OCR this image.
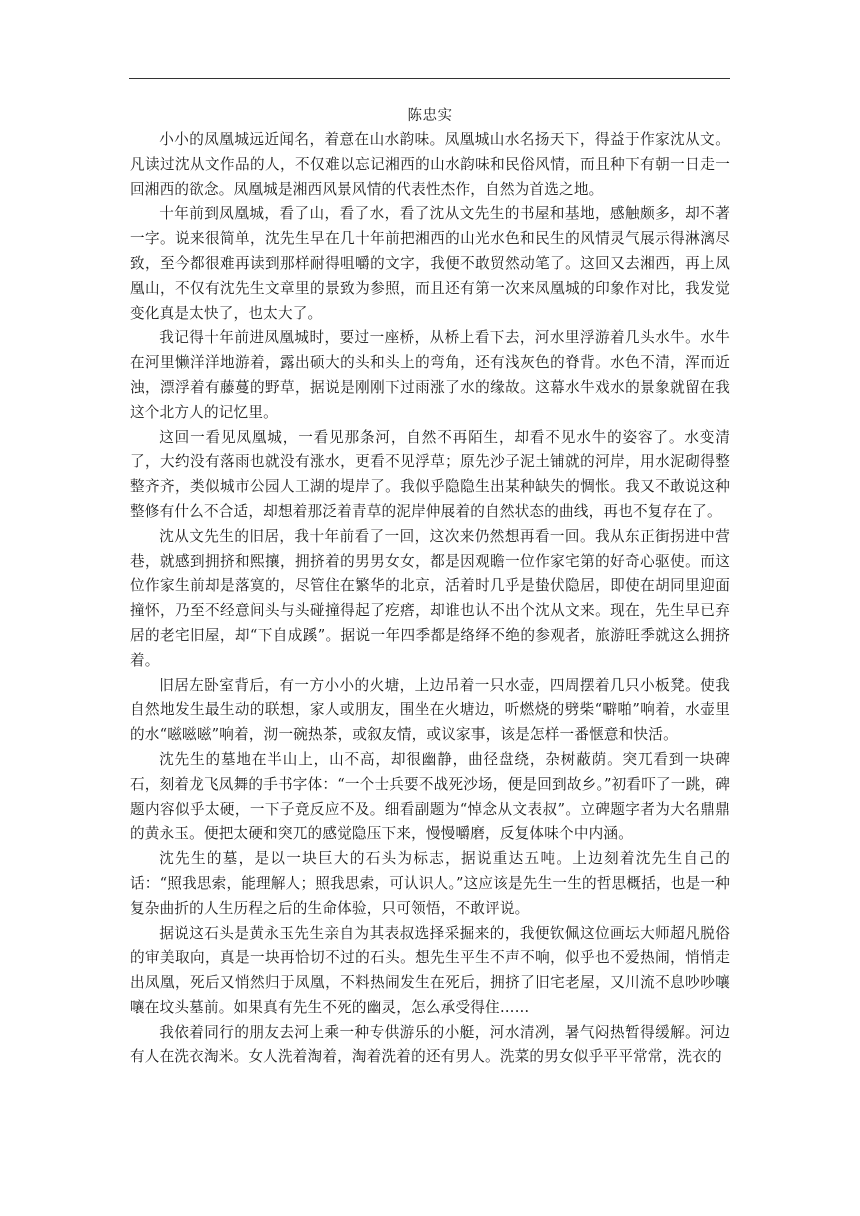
陈忠实

小小的凤凰城远近闻名，着意在山水韵味。凤凰城山水名扬天下，得益于作家沈从文。凡读过沈从文作品的人，不仅难以忘记湘西的山水韵味和民俗风情，而且种下有朝一日走一回湘西的欲念。凤凰城是湘西风景风情的代表性杰作，自然为首选之地。

十年前到凤凰城，看了山，看了水，看了沈从文先生的书屋和基地，感触颇多，却不著一字。说来很简单，沈先生早在几十年前把湘西的山光水色和民生的风情灵气展示得淋漓尽致，至今都很难再读到那样耐得咀嚼的文字，我便不敢贸然动笔了。这回又去湘西，再上凤凰山，不仅有沈先生文章里的景致为参照，而且还有第一次来凤凰城的印象作对比，我发觉变化真是太快了，也太大了。

我记得十年前进凤凰城时，要过一座桥，从桥上看下去，河水里浮游着几头水牛。水牛在河里懒洋洋地游着，露出硕大的头和头上的弯角，还有浅灰色的脊背。水色不清，浑而近浊，漂浮着有藤蔓的野草，据说是刚刚下过雨涨了水的缘故。这幕水牛戏水的景象就留在我这个北方人的记忆里。

这回一看见凤凰城，一看见那条河，自然不再陌生，却看不见水牛的姿容了。水变清了，大约没有落雨也就没有涨水，更看不见浮草；原先沙子泥土铺就的河岸，用水泥砌得整整齐齐，类似城市公园人工湖的堤岸了。我似乎隐隐生出某种缺失的惆怅。我又不敢说这种整修有什么不合适，却想着那泛着青草的泥岸伸展着的自然状态的曲线，再也不复存在了。

沈从文先生的旧居，我十年前看了一回，这次来仍然想再看一回。我从东正街拐进中营巷，就感到拥挤和熙攘，拥挤着的男男女女，都是因观瞻一位作家宅第的好奇心驱使。而这位作家生前却是落寞的，尽管住在繁华的北京，活着时几乎是蛰伏隐居，即使在胡同里迎面撞怀，乃至不经意间头与头碰撞得起了疙瘩，却谁也认不出个沈从文来。现在，先生早已弃居的老宅旧屋，却“下自成蹊”。据说一年四季都是络绎不绝的参观者，旅游旺季就这么拥挤着。

旧居左卧室背后，有一方小小的火塘，上边吊着一只水壶，四周摆着几只小板凳。使我自然地发生最生动的联想，家人或朋友，围坐在火塘边，听燃烧的劈柴“噼啪”响着，水壶里的水“嗞嗞嗞”响着，沏一碗热茶，或叙友情，或议家事，该是怎样一番惬意和快活。

沈先生的墓地在半山上，山不高，却很幽静，曲径盘绕，杂树蔽荫。突兀看到一块碑石，刻着龙飞凤舞的手书字体：“一个士兵要不战死沙场，便是回到故乡。”初看吓了一跳，碑题内容似乎太硬，一下子竟反应不及。细看副题为“悼念从文表叔”。立碑题字者为大名鼎鼎的黄永玉。便把太硬和突兀的感觉隐压下来，慢慢嚼磨，反复体味个中内涵。

沈先生的墓，是以一块巨大的石头为标志，据说重达五吨。上边刻着沈先生自己的话：“照我思索，能理解人；照我思索，可认识人。”这应该是先生一生的哲思概括，也是一种复杂曲折的人生历程之后的生命体验，只可领悟，不敢评说。

据说这石头是黄永玉先生亲自为其表叔选择采掘来的，我便钦佩这位画坛大师超凡脱俗的审美取向，真是一块再恰切不过的石头。想先生平生不声不响，似乎也不爱热闹，悄悄走出凤凰，死后又悄然归于凤凰，不料热闹发生在死后，拥挤了旧宅老屋，又川流不息吵吵嚷嚷在坟头墓前。如果真有先生不死的幽灵，怎么承受得住……

我依着同行的朋友去河上乘一种专供游乐的小艇，河水清冽，暑气闷热暂得缓解。河边有人在洗衣淘米。女人洗着淘着，淘着洗着的还有男人。洗菜的男女似乎平平常常，洗衣的
